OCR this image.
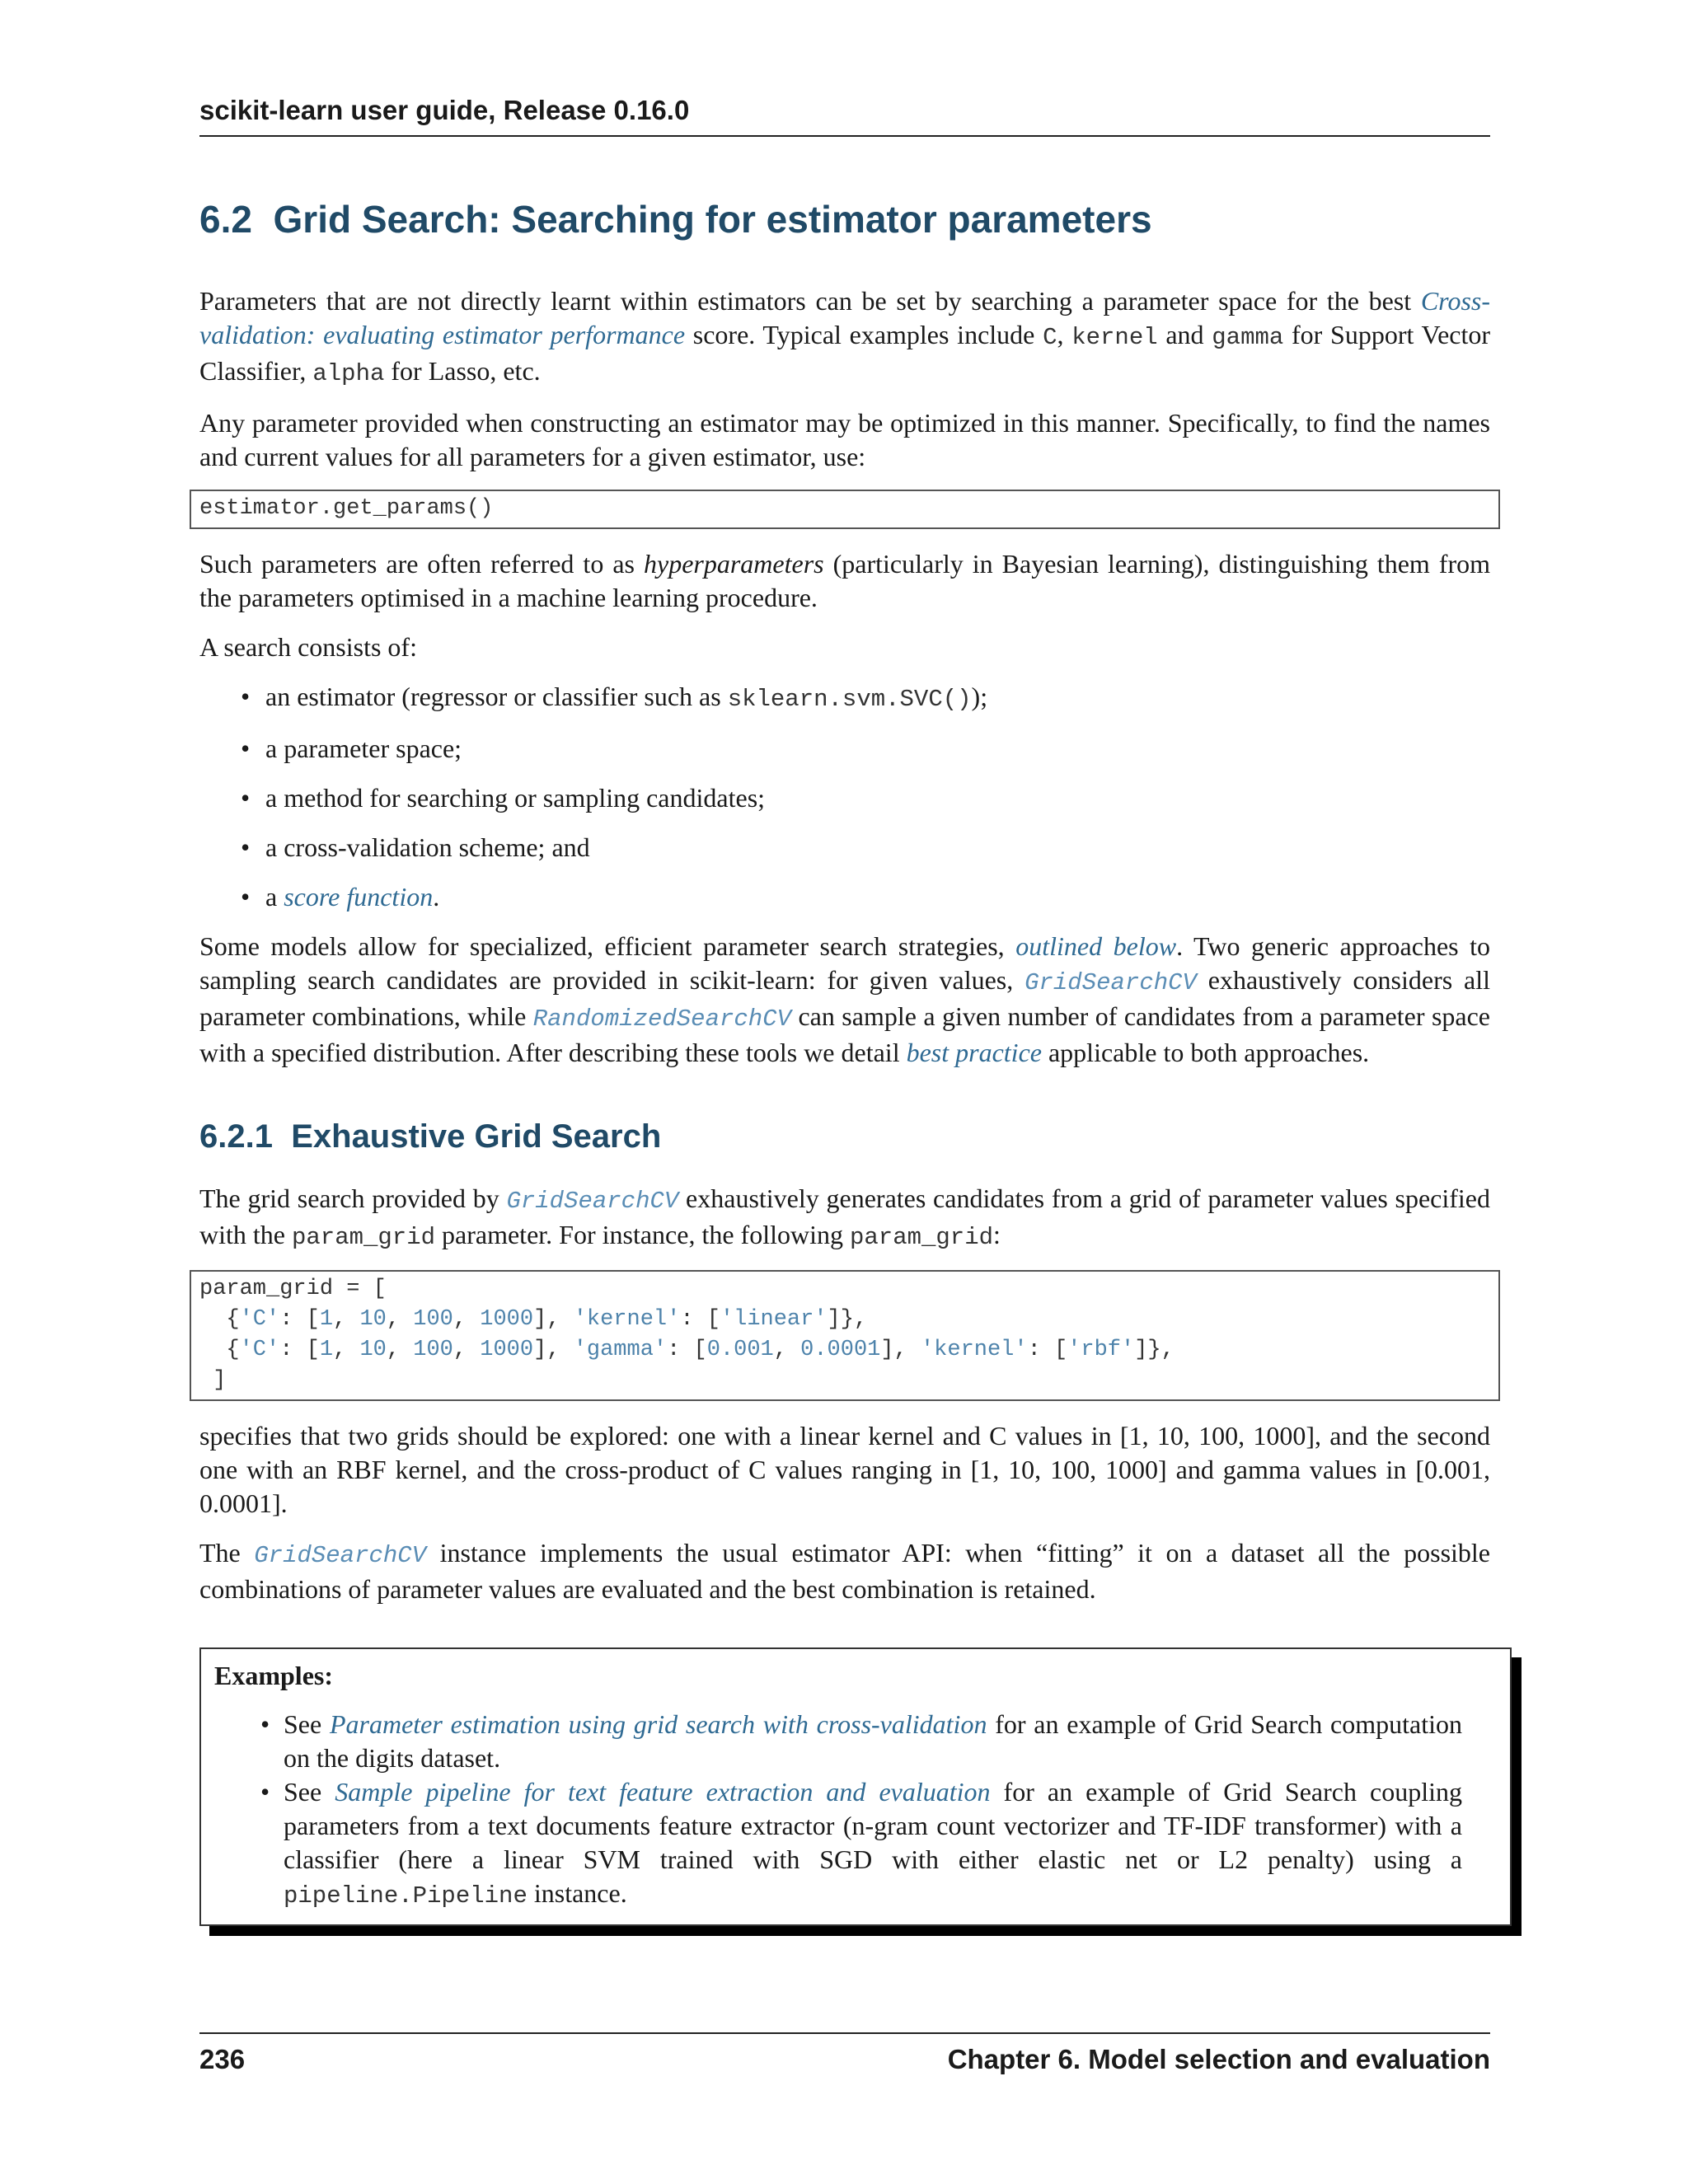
scikit-learn user guide, Release 0.16.0
6.2 Grid Search: Searching for estimator parameters

Parameters that are not directly learnt within estimators can be set by searching a parameter space for the best Cross-validation: evaluating estimator performance score. Typical examples include C, kernel and gamma for Support Vector Classifier, alpha for Lasso, etc.

Any parameter provided when constructing an estimator may be optimized in this manner. Specifically, to find the names and current values for all parameters for a given estimator, use:

estimator.get_params()

Such parameters are often referred to as hyperparameters (particularly in Bayesian learning), distinguishing them from the parameters optimised in a machine learning procedure.

A search consists of:

• an estimator (regressor or classifier such as sklearn.svm.SVC());
• a parameter space;
• a method for searching or sampling candidates;
• a cross-validation scheme; and
• a score function.

Some models allow for specialized, efficient parameter search strategies, outlined below. Two generic approaches to sampling search candidates are provided in scikit-learn: for given values, GridSearchCV exhaustively considers all parameter combinations, while RandomizedSearchCV can sample a given number of candidates from a parameter space with a specified distribution. After describing these tools we detail best practice applicable to both approaches.

6.2.1 Exhaustive Grid Search

The grid search provided by GridSearchCV exhaustively generates candidates from a grid of parameter values specified with the param_grid parameter. For instance, the following param_grid:

param_grid = [
{'C': [1, 10, 100, 1000], 'kernel': ['linear']},
{'C': [1, 10, 100, 1000], 'gamma': [0.001, 0.0001], 'kernel': ['rbf']},
]

specifies that two grids should be explored: one with a linear kernel and C values in [1, 10, 100, 1000], and the second one with an RBF kernel, and the cross-product of C values ranging in [1, 10, 100, 1000] and gamma values in [0.001, 0.0001].

The GridSearchCV instance implements the usual estimator API: when “fitting” it on a dataset all the possible combinations of parameter values are evaluated and the best combination is retained.

Examples:
• See Parameter estimation using grid search with cross-validation for an example of Grid Search computation on the digits dataset.
• See Sample pipeline for text feature extraction and evaluation for an example of Grid Search coupling parameters from a text documents feature extractor (n-gram count vectorizer and TF-IDF transformer) with a classifier (here a linear SVM trained with SGD with either elastic net or L2 penalty) using a pipeline.Pipeline instance.
236	Chapter 6. Model selection and evaluation
